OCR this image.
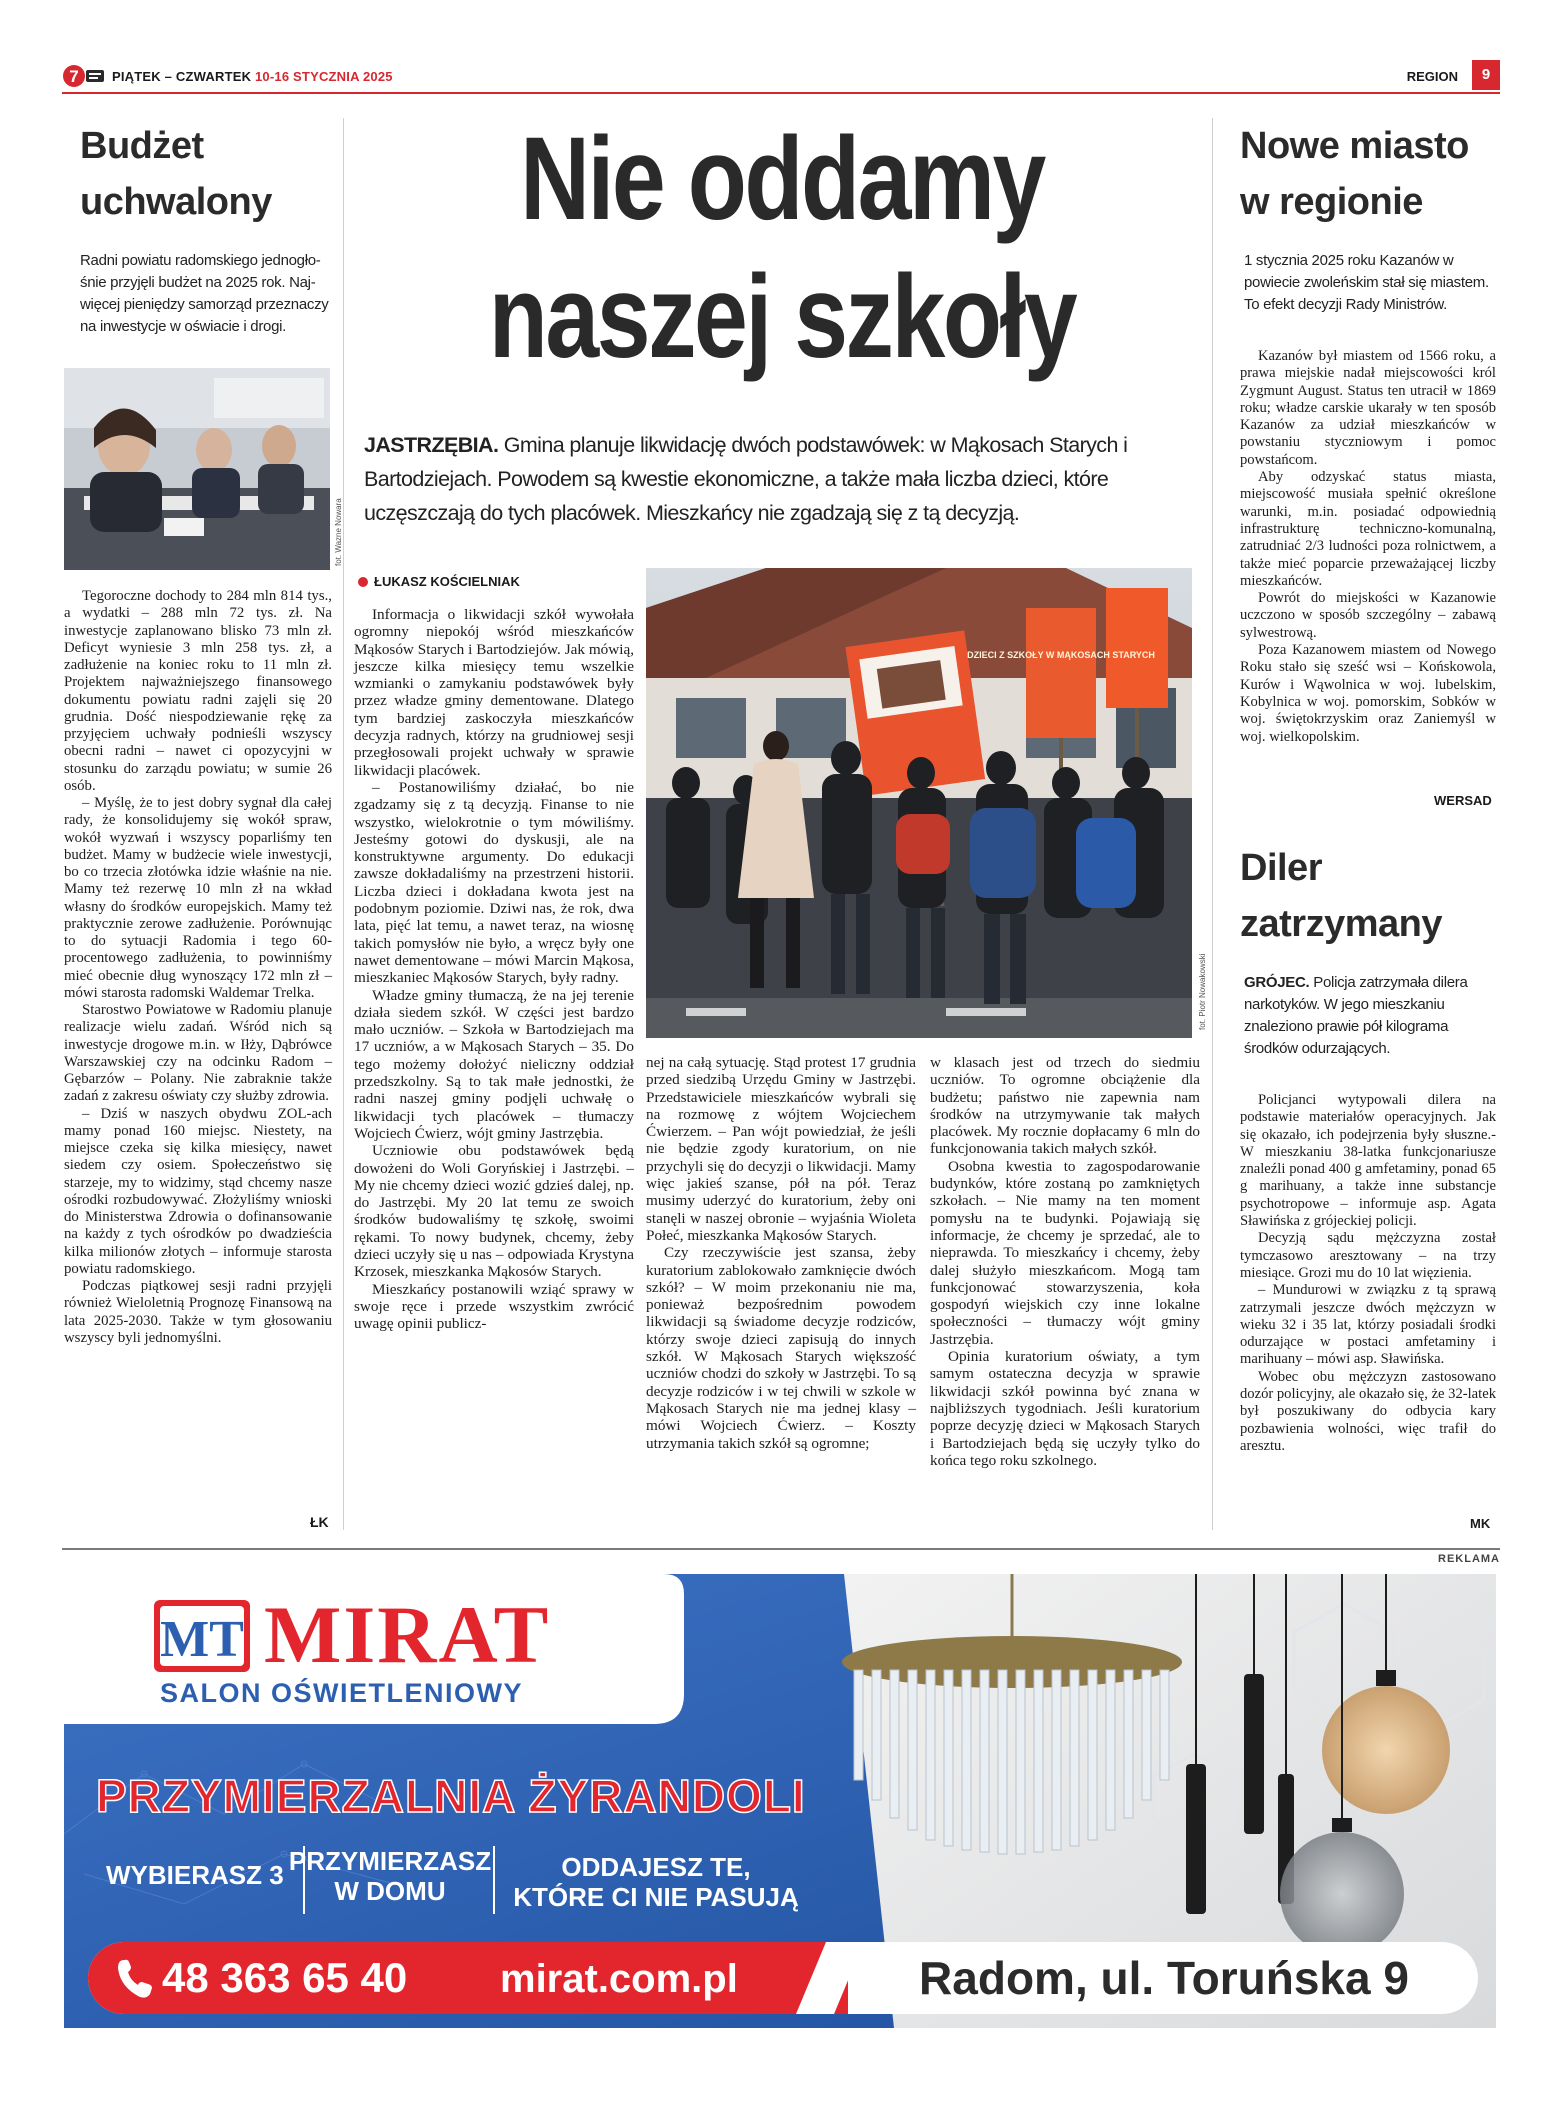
7	PIĄTEK – CZWARTEK 10-16 STYCZNIA 2025	REGION	9
Budżet
uchwalony
Radni powiatu radomskiego jednogło- śnie przyjęli budżet na 2025 rok. Naj- więcej pieniędzy samorząd przeznaczy na inwestycje w oświacie i drogi.
fot. Wazne Nowara

Tegoroczne dochody to 284 mln 814 tys., a wydatki – 288 mln 72 tys. zł. Na inwestycje zaplanowano blisko 73 mln zł. Deficyt wyniesie 3 mln 258 tys. zł, a zadłużenie na koniec roku to 11 mln zł. Projektem najważniejszego finansowego dokumentu powiatu radni zajęli się 20 grudnia. Dość niespodziewanie rękę za przyjęciem uchwały podnieśli wszyscy obecni radni – nawet ci opozycyjni w stosunku do zarządu powiatu; w sumie 26 osób.

– Myślę, że to jest dobry sygnał dla całej rady, że konsolidujemy się wokół spraw, wokół wyzwań i wszyscy poparliśmy ten budżet. Mamy w budżecie wiele inwestycji, bo co trzecia złotówka idzie właśnie na nie. Mamy też rezerwę 10 mln zł na wkład własny do środków europejskich. Mamy też praktycznie zerowe zadłużenie. Porównując to do sytuacji Radomia i tego 60-procentowego zadłużenia, to powinniśmy mieć obecnie dług wynoszący 172 mln zł – mówi starosta radomski Waldemar Trelka.

Starostwo Powiatowe w Radomiu planuje realizacje wielu zadań. Wśród nich są inwestycje drogowe m.in. w Iłży, Dąbrówce Warszawskiej czy na odcinku Radom – Gębarzów – Polany. Nie zabraknie także zadań z zakresu oświaty czy służby zdrowia.

– Dziś w naszych obydwu ZOL-ach mamy ponad 160 miejsc. Niestety, na miejsce czeka się kilka miesięcy, nawet siedem czy osiem. Społeczeństwo się starzeje, my to widzimy, stąd chcemy nasze ośrodki rozbudowywać. Złożyliśmy wnioski do Ministerstwa Zdrowia o dofinansowanie na każdy z tych ośrodków po dwadzieścia kilka milionów złotych – informuje starosta powiatu radomskiego.

Podczas piątkowej sesji radni przyjęli również Wieloletnią Prognozę Finansową na lata 2025-2030. Także w tym głosowaniu wszyscy byli jednomyślni.

ŁK
Nie oddamy
naszej szkoły
JASTRZĘBIA. Gmina planuje likwidację dwóch podstawówek: w Mąkosach Starych i Bartodziejach. Powodem są kwestie ekonomiczne, a także mała liczba dzieci, które uczęszczają do tych placówek. Mieszkańcy nie zgadzają się z tą decyzją.
ŁUKASZ KOŚCIELNIAK
DZIECI Z SZKOŁY W MĄKOSACH STARYCH
fot. Piotr Nowakowski

Informacja o likwidacji szkół wywołała ogromny niepokój wśród mieszkańców Mąkosów Starych i Bartodziejów. Jak mówią, jeszcze kilka miesięcy temu wszelkie wzmianki o zamykaniu podstawówek były przez władze gminy dementowane. Dlatego tym bardziej zaskoczyła mieszkańców decyzja radnych, którzy na grudniowej sesji przegłosowali projekt uchwały w sprawie likwidacji placówek.

– Postanowiliśmy działać, bo nie zgadzamy się z tą decyzją. Finanse to nie wszystko, wielokrotnie o tym mówiliśmy. Jesteśmy gotowi do dyskusji, ale na konstruktywne argumenty. Do edukacji zawsze dokładaliśmy na przestrzeni historii. Liczba dzieci i dokładana kwota jest na podobnym poziomie. Dziwi nas, że rok, dwa lata, pięć lat temu, a nawet teraz, na wiosnę takich pomysłów nie było, a wręcz były one nawet dementowane – mówi Marcin Mąkosa, mieszkaniec Mąkosów Starych, były radny.

Władze gminy tłumaczą, że na jej terenie działa siedem szkół. W części jest bardzo mało uczniów. – Szkoła w Bartodziejach ma 17 uczniów, a w Mąkosach Starych – 35. Do tego możemy dołożyć nieliczny oddział przedszkolny. Są to tak małe jednostki, że radni naszej gminy podjęli uchwałę o likwidacji tych placówek – tłumaczy Wojciech Ćwierz, wójt gminy Jastrzębia.

Uczniowie obu podstawówek będą dowożeni do Woli Goryńskiej i Jastrzębi. – My nie chcemy dzieci wozić gdzieś dalej, np. do Jastrzębi. My 20 lat temu ze swoich środków budowaliśmy tę szkołę, swoimi rękami. To nowy budynek, chcemy, żeby dzieci uczyły się u nas – odpowiada Krystyna Krzosek, mieszkanka Mąkosów Starych.

Mieszkańcy postanowili wziąć sprawy w swoje ręce i przede wszystkim zwrócić uwagę opinii publicz-

nej na całą sytuację. Stąd protest 17 grudnia przed siedzibą Urzędu Gminy w Jastrzębi. Przedstawiciele mieszkańców wybrali się na rozmowę z wójtem Wojciechem Ćwierzem. – Pan wójt powiedział, że jeśli nie będzie zgody kuratorium, on nie przychyli się do decyzji o likwidacji. Mamy więc jakieś szanse, pół na pół. Teraz musimy uderzyć do kuratorium, żeby oni stanęli w naszej obronie – wyjaśnia Wioleta Połeć, mieszkanka Mąkosów Starych.

Czy rzeczywiście jest szansa, żeby kuratorium zablokowało zamknięcie dwóch szkół? – W moim przekonaniu nie ma, ponieważ bezpośrednim powodem likwidacji są świadome decyzje rodziców, którzy swoje dzieci zapisują do innych szkół. W Mąkosach Starych większość uczniów chodzi do szkoły w Jastrzębi. To są decyzje rodziców i w tej chwili w szkole w Mąkosach Starych nie ma jednej klasy – mówi Wojciech Ćwierz. – Koszty utrzymania takich szkół są ogromne;

w klasach jest od trzech do siedmiu uczniów. To ogromne obciążenie dla budżetu; państwo nie zapewnia nam środków na utrzymywanie tak małych placówek. My rocznie dopłacamy 6 mln do funkcjonowania takich małych szkół.

Osobna kwestia to zagospodarowanie budynków, które zostaną po zamkniętych szkołach. – Nie mamy na ten moment pomysłu na te budynki. Pojawiają się informacje, że chcemy je sprzedać, ale to nieprawda. To mieszkańcy i chcemy, żeby dalej służyło mieszkańcom. Mogą tam funkcjonować stowarzyszenia, koła gospodyń wiejskich czy inne lokalne społeczności – tłumaczy wójt gminy Jastrzębia.

Opinia kuratorium oświaty, a tym samym ostateczna decyzja w sprawie likwidacji szkół powinna być znana w najbliższych tygodniach. Jeśli kuratorium poprze decyzję dzieci w Mąkosach Starych i Bartodziejach będą się uczyły tylko do końca tego roku szkolnego.

Nowe miasto
w regionie
1 stycznia 2025 roku Kazanów w powiecie zwoleńskim stał się miastem. To efekt decyzji Rady Ministrów.

Kazanów był miastem od 1566 roku, a prawa miejskie nadał miejscowości król Zygmunt August. Status ten utracił w 1869 roku; władze carskie ukarały w ten sposób Kazanów za udział mieszkańców w powstaniu styczniowym i pomoc powstańcom.

Aby odzyskać status miasta, miejscowość musiała spełnić określone warunki, m.in. posiadać odpowiednią infrastrukturę techniczno-komunalną, zatrudniać 2/3 ludności poza rolnictwem, a także mieć poparcie przeważającej liczby mieszkańców.

Powrót do miejskości w Kazanowie uczczono w sposób szczególny – zabawą sylwestrową.

Poza Kazanowem miastem od Nowego Roku stało się sześć wsi – Końskowola, Kurów i Wąwolnica w woj. lubelskim, Kobylnica w woj. pomorskim, Sobków w woj. świętokrzyskim oraz Zaniemyśl w woj. wielkopolskim.

WERSAD
Diler
zatrzymany
GRÓJEC. Policja zatrzymała dilera narkotyków. W jego mieszkaniu znaleziono prawie pół kilograma środków odurzających.

Policjanci wytypowali dilera na podstawie materiałów operacyjnych. Jak się okazało, ich podejrzenia były słuszne.- W mieszkaniu 38-latka funkcjonariusze znaleźli ponad 400 g amfetaminy, ponad 65 g marihuany, a także inne substancje psychotropowe – informuje asp. Agata Sławińska z grójeckiej policji.

Decyzją sądu mężczyzna został tymczasowo aresztowany – na trzy miesiące. Grozi mu do 10 lat więzienia.

– Mundurowi w związku z tą sprawą zatrzymali jeszcze dwóch mężczyzn w wieku 32 i 35 lat, którzy posiadali środki odurzające w postaci amfetaminy i marihuany – mówi asp. Sławińska.

Wobec obu mężczyzn zastosowano dozór policyjny, ale okazało się, że 32-latek był poszukiwany do odbycia kary pozbawienia wolności, więc trafił do aresztu.

MK
REKLAMA
MT MIRAT
SALON OŚWIETLENIOWY
PRZYMIERZALNIA ŻYRANDOLI
WYBIERASZ 3 PRZYMIERZASZ
W DOMU
ODDAJESZ TE,
KTÓRE CI NIE PASUJĄ
48 363 65 40 mirat.com.pl	Radom, ul. Toruńska 9
